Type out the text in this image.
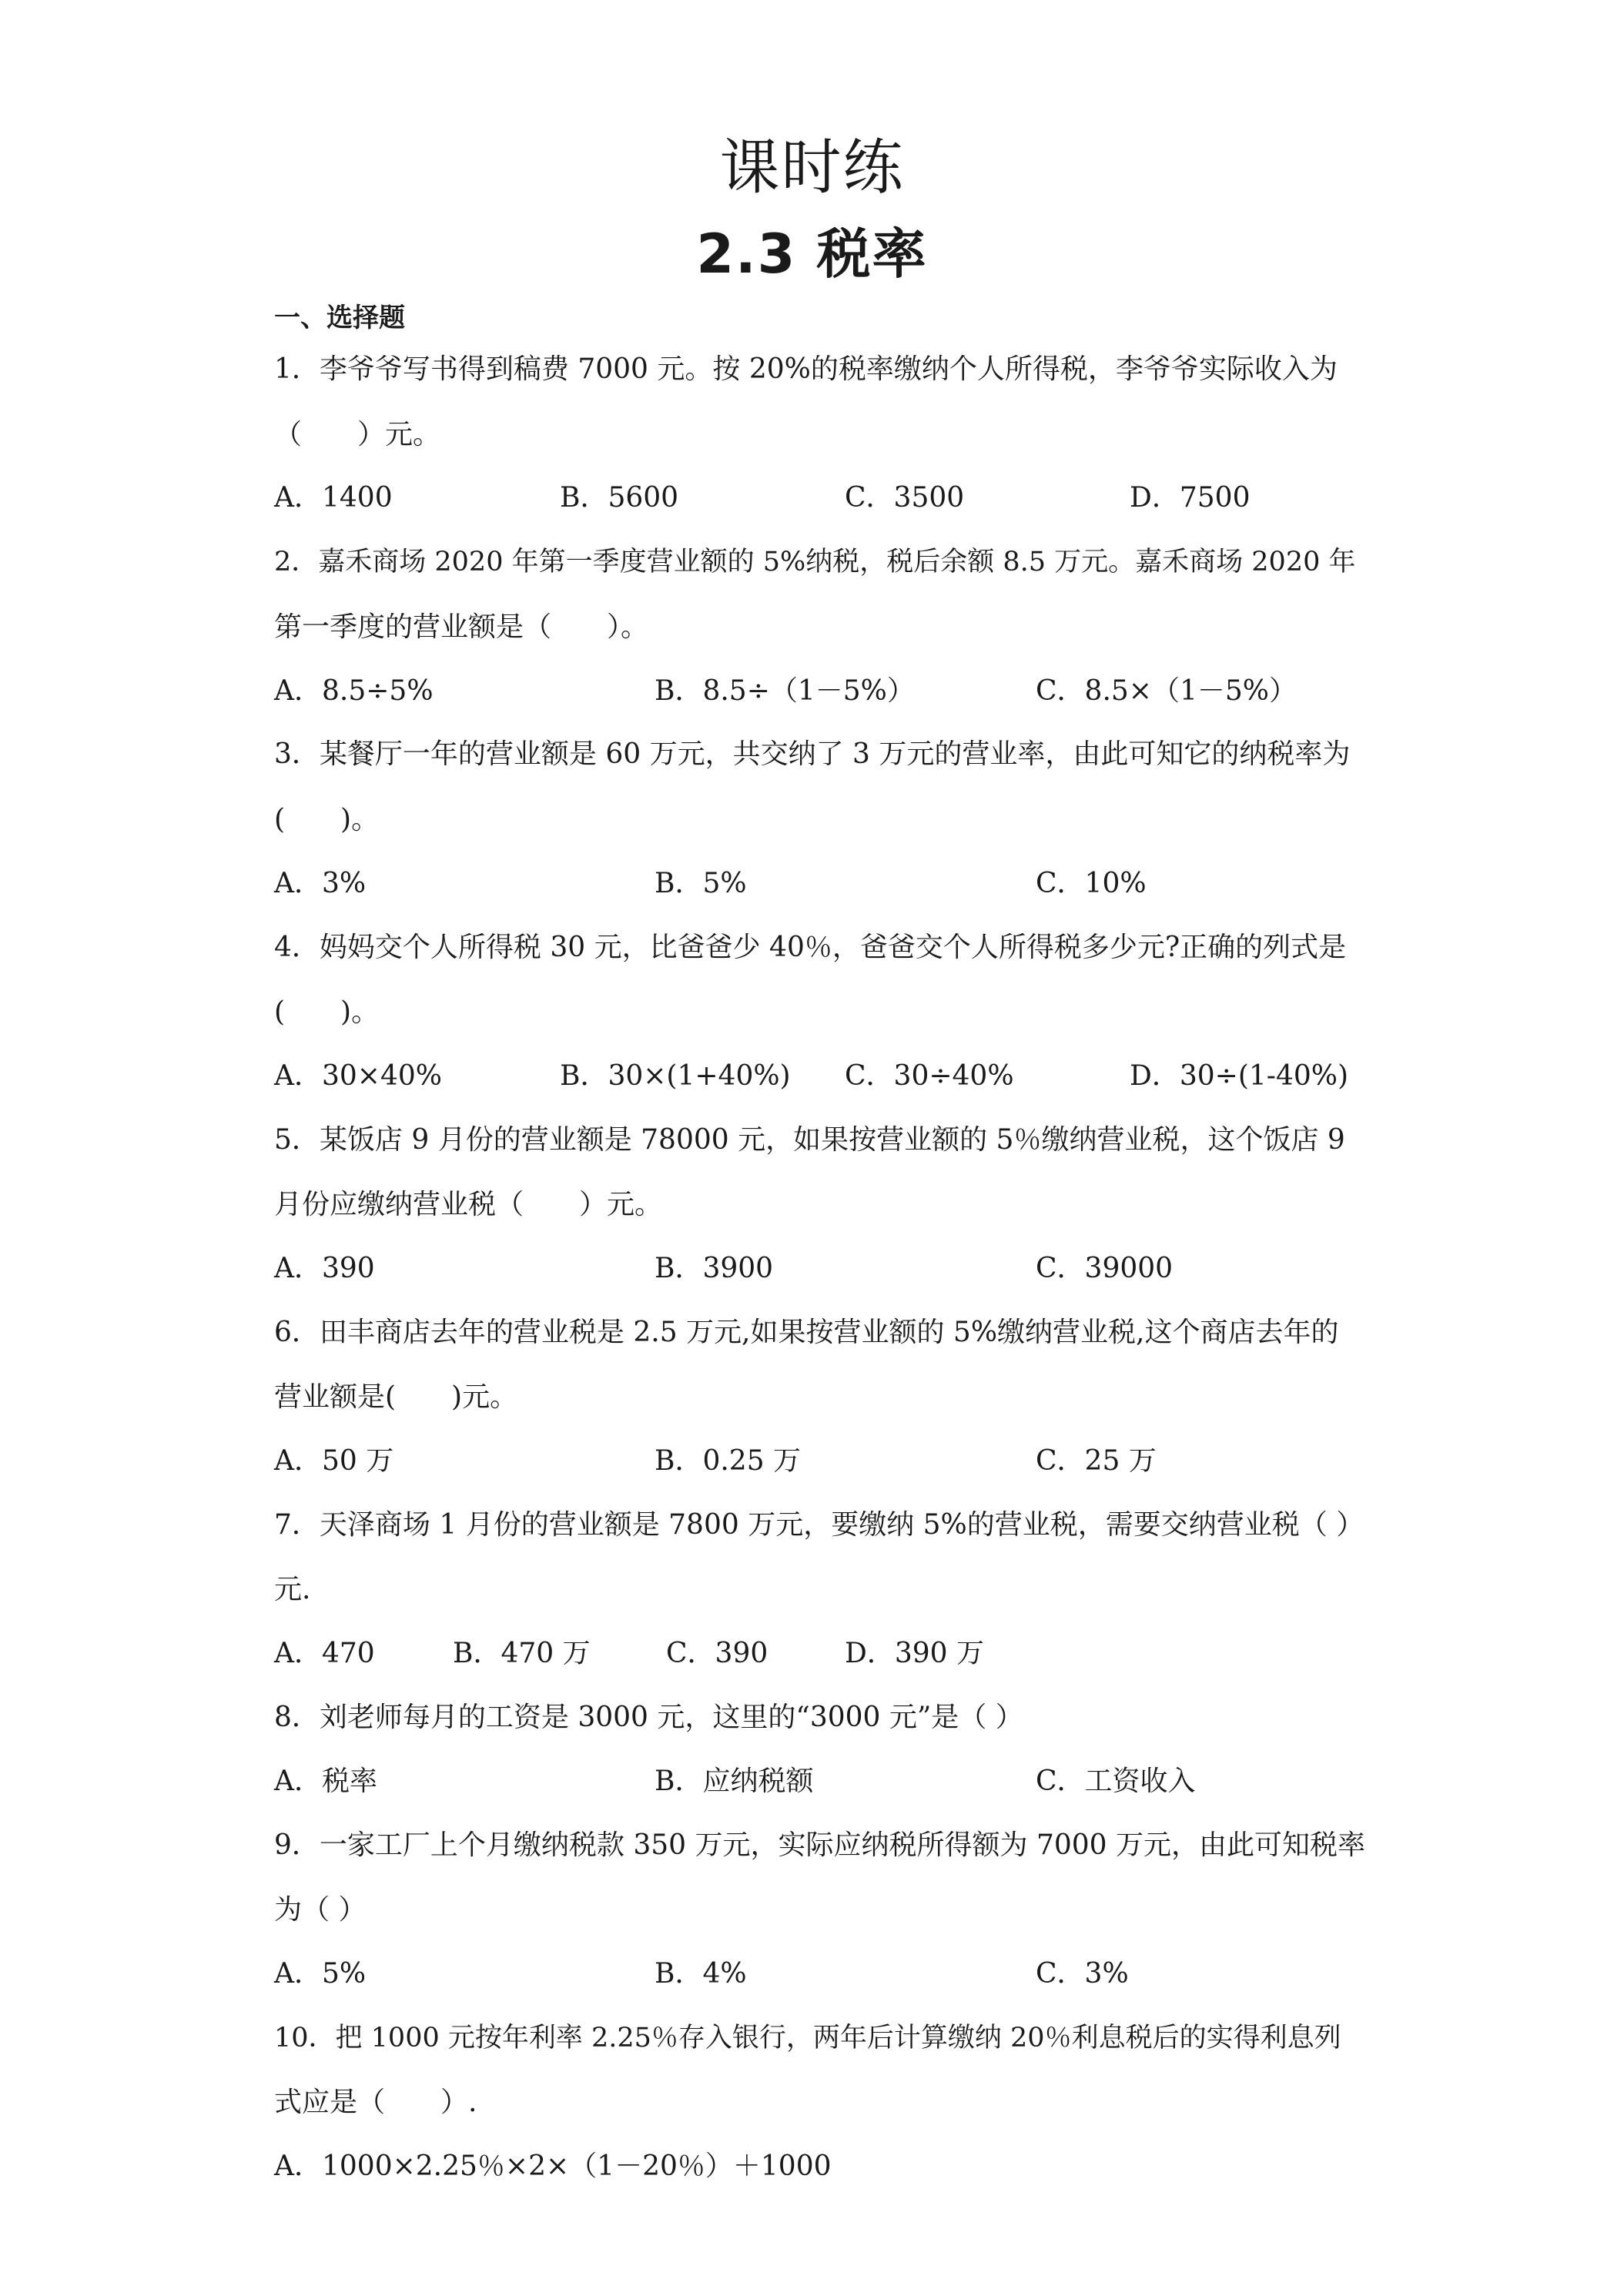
课时练
2.3 税率
一、选择题
1．李爷爷写书得到稿费 7000 元。按 20%的税率缴纳个人所得税，李爷爷实际收入为
（　　）元。
A．1400	B．5600	C．3500	D．7500
2．嘉禾商场 2020 年第一季度营业额的 5%纳税，税后余额 8.5 万元。嘉禾商场 2020 年
第一季度的营业额是（　　）。
A．8.5÷5%	B．8.5÷（1－5%）	C．8.5×（1－5%）
3．某餐厅一年的营业额是 60 万元，共交纳了 3 万元的营业率，由此可知它的纳税率为
(　　)。
A．3%	B．5%	C．10%
4．妈妈交个人所得税 30 元，比爸爸少 40％，爸爸交个人所得税多少元?正确的列式是
(　　)。
A．30×40%	B．30×(1+40%) C．30÷40%	D．30÷(1-40%)
5．某饭店 9 月份的营业额是 78000 元，如果按营业额的 5％缴纳营业税，这个饭店 9
月份应缴纳营业税（　　）元。
A．390	B．3900	C．39000
6．田丰商店去年的营业税是 2.5 万元,如果按营业额的 5%缴纳营业税,这个商店去年的
营业额是(　　)元。
A．50 万	B．0.25 万	C．25 万
7．天泽商场 1 月份的营业额是 7800 万元，要缴纳 5%的营业税，需要交纳营业税（ ）
元.
A．470	B．470 万	C．390	D．390 万
8．刘老师每月的工资是 3000 元，这里的“3000 元”是（ ）
A．税率	B．应纳税额	C．工资收入
9．一家工厂上个月缴纳税款 350 万元，实际应纳税所得额为 7000 万元，由此可知税率
为（ ）
A．5%	B．4%	C．3%
10．把 1000 元按年利率 2.25％存入银行，两年后计算缴纳 20％利息税后的实得利息列
式应是（　　）.
A．1000×2.25％×2×（1－20％）＋1000
